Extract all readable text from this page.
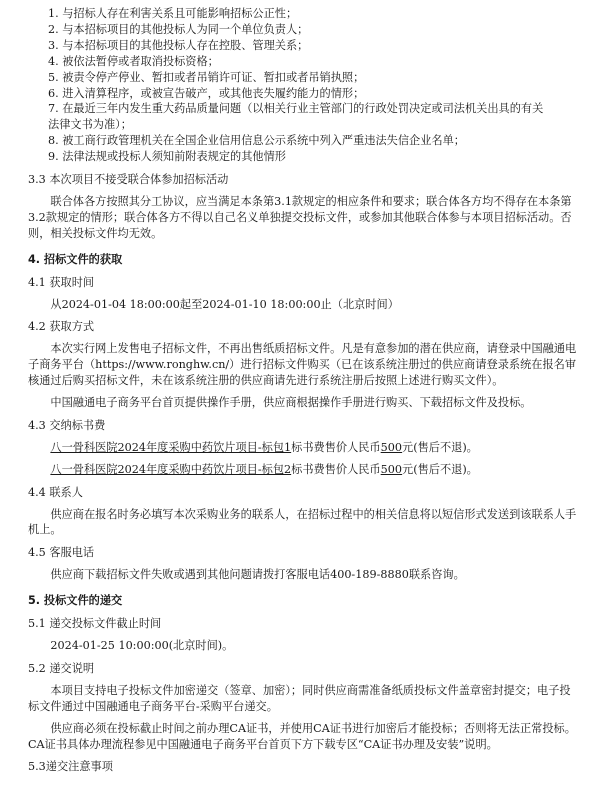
1. 与招标人存在利害关系且可能影响招标公正性；
2. 与本招标项目的其他投标人为同一个单位负责人；
3. 与本招标项目的其他投标人存在控股、管理关系；
4. 被依法暂停或者取消投标资格；
5. 被责令停产停业、暂扣或者吊销许可证、暂扣或者吊销执照；
6. 进入清算程序，或被宣告破产，或其他丧失履约能力的情形；
7. 在最近三年内发生重大药品质量问题（以相关行业主管部门的行政处罚决定或司法机关出具的有关
法律文书为准）；
8. 被工商行政管理机关在全国企业信用信息公示系统中列入严重违法失信企业名单；
9. 法律法规或投标人须知前附表规定的其他情形
3.3 本次项目不接受联合体参加招标活动
联合体各方按照其分工协议，应当满足本条第3.1款规定的相应条件和要求；联合体各方均不得存在本条第3.2款规定的情形；联合体各方不得以自己名义单独提交投标文件，或参加其他联合体参与本项目招标活动。否则，相关投标文件均无效。
4. 招标文件的获取
4.1 获取时间
从2024-01-04 18:00:00起至2024-01-10 18:00:00止（北京时间）
4.2 获取方式
本次实行网上发售电子招标文件，不再出售纸质招标文件。凡是有意参加的潜在供应商，请登录中国融通电子商务平台（https://www.ronghw.cn/）进行招标文件购买（已在该系统注册过的供应商请登录系统在报名审核通过后购买招标文件，未在该系统注册的供应商请先进行系统注册后按照上述进行购买文件）。
中国融通电子商务平台首页提供操作手册，供应商根据操作手册进行购买、下载招标文件及投标。
4.3 交纳标书费
八一骨科医院2024年度采购中药饮片项目-标包1标书费售价人民币500元(售后不退)。
八一骨科医院2024年度采购中药饮片项目-标包2标书费售价人民币500元(售后不退)。
4.4 联系人
供应商在报名时务必填写本次采购业务的联系人，在招标过程中的相关信息将以短信形式发送到该联系人手机上。
4.5 客服电话
供应商下载招标文件失败或遇到其他问题请拨打客服电话400-189-8880联系咨询。
5. 投标文件的递交
5.1 递交投标文件截止时间
2024-01-25 10:00:00(北京时间)。
5.2 递交说明
本项目支持电子投标文件加密递交（签章、加密）；同时供应商需准备纸质投标文件盖章密封提交；电子投标文件通过中国融通电子商务平台-采购平台递交。
供应商必须在投标截止时间之前办理CA证书，并使用CA证书进行加密后才能投标；否则将无法正常投标。CA证书具体办理流程参见中国融通电子商务平台首页下方下载专区“CA证书办理及安装”说明。
5.3递交注意事项
